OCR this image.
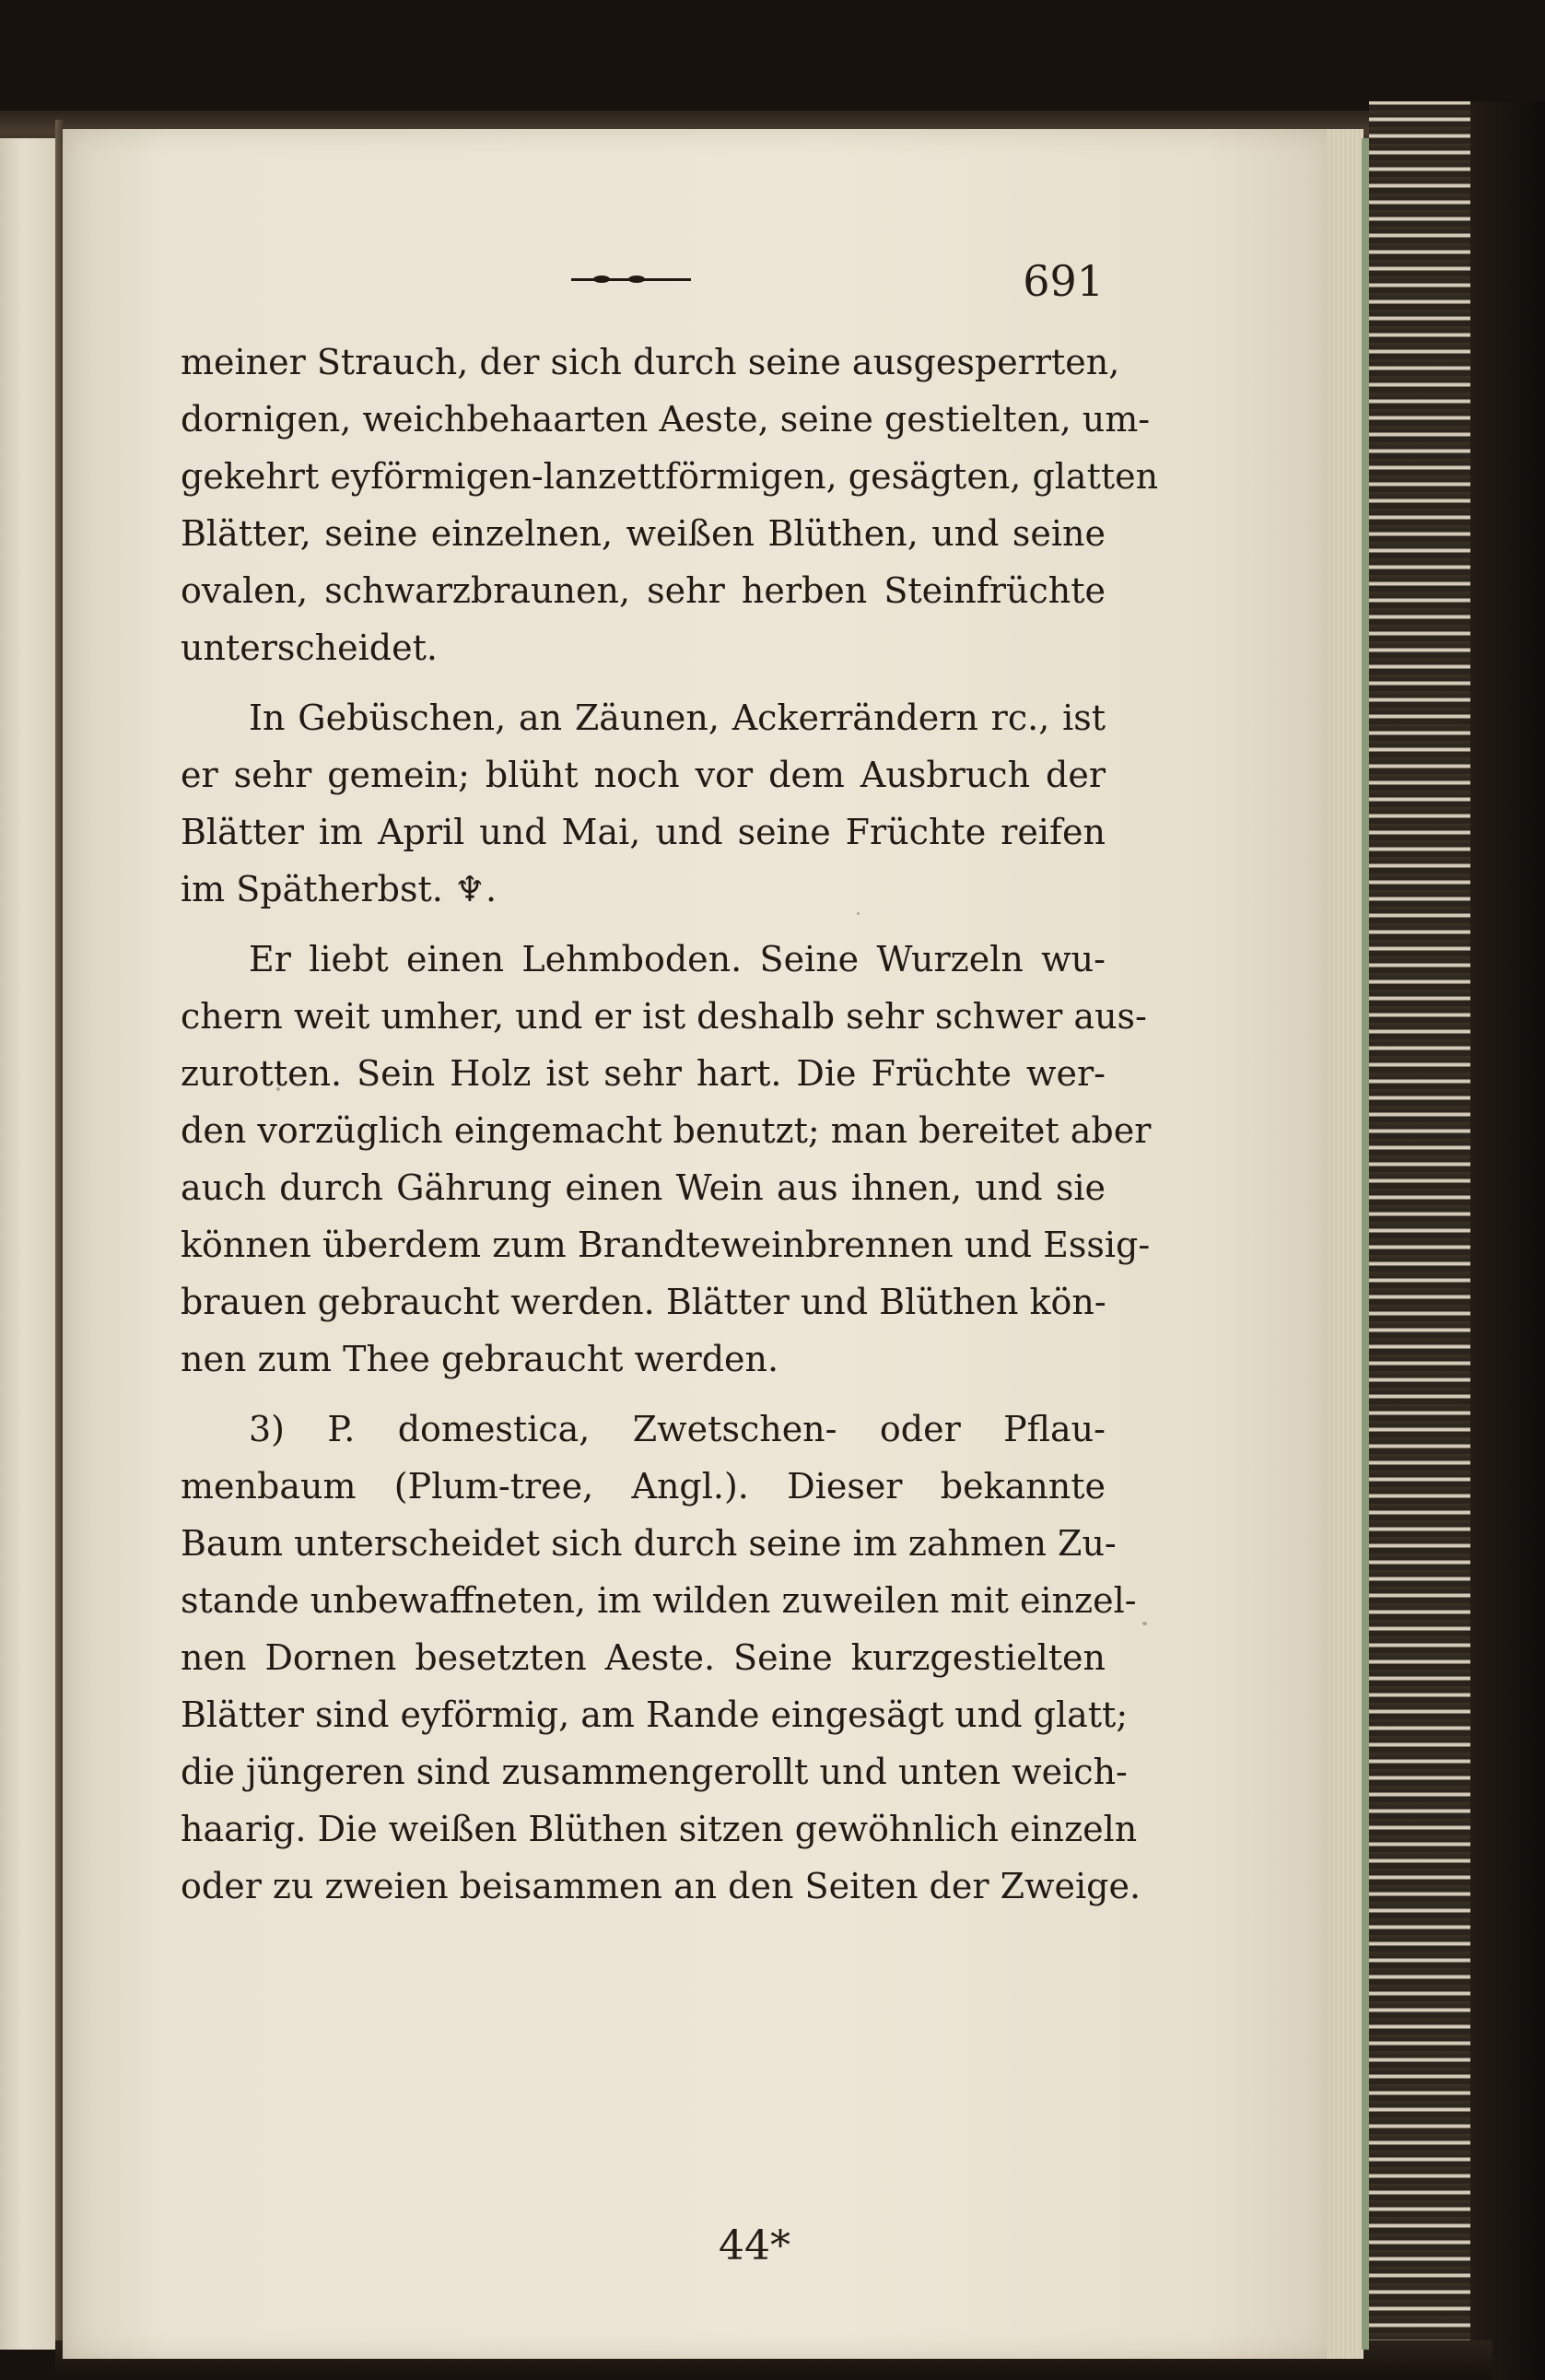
691
meiner Strauch, der sich durch seine ausgesperrten,
dornigen, weichbehaarten Aeste, seine gestielten, um-
gekehrt eyförmigen-lanzettförmigen, gesägten, glatten
Blätter, seine einzelnen, weißen Blüthen, und seine
ovalen, schwarzbraunen, sehr herben Steinfrüchte
unterscheidet.
In Gebüschen, an Zäunen, Ackerrändern rc., ist
er sehr gemein; blüht noch vor dem Ausbruch der
Blätter im April und Mai, und seine Früchte reifen
im Spätherbst. ♆.
Er liebt einen Lehmboden. Seine Wurzeln wu-
chern weit umher, und er ist deshalb sehr schwer aus-
zurotten. Sein Holz ist sehr hart. Die Früchte wer-
den vorzüglich eingemacht benutzt; man bereitet aber
auch durch Gährung einen Wein aus ihnen, und sie
können überdem zum Brandteweinbrennen und Essig-
brauen gebraucht werden. Blätter und Blüthen kön-
nen zum Thee gebraucht werden.
3) P. domestica, Zwetschen- oder Pflau-
menbaum (Plum-tree, Angl.). Dieser bekannte
Baum unterscheidet sich durch seine im zahmen Zu-
stande unbewaffneten, im wilden zuweilen mit einzel-
nen Dornen besetzten Aeste. Seine kurzgestielten
Blätter sind eyförmig, am Rande eingesägt und glatt;
die jüngeren sind zusammengerollt und unten weich-
haarig. Die weißen Blüthen sitzen gewöhnlich einzeln
oder zu zweien beisammen an den Seiten der Zweige.
44*
